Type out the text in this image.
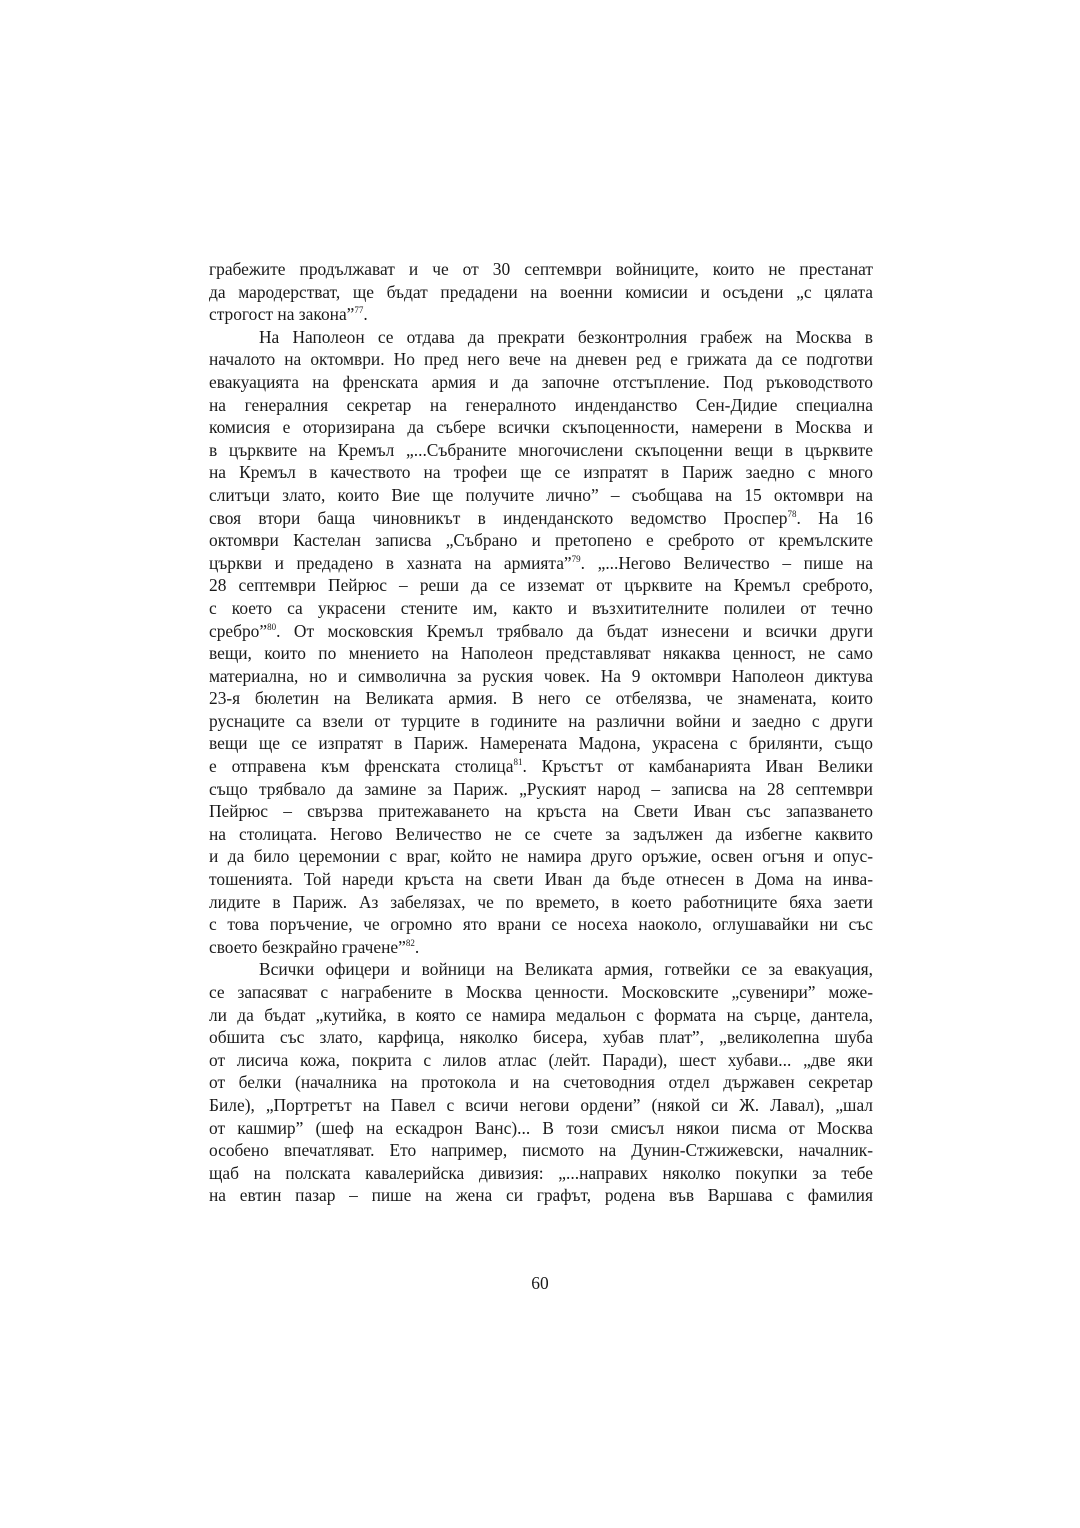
грабежите продължават и че от 30 септември войниците, които не престанат
да мародерстват, ще бъдат предадени на военни комисии и осъдени „с цялата
строгост на закона”$^{77}$.
На Наполеон се отдава да прекрати безконтролния грабеж на Москва в
началото на октомври. Но пред него вече на дневен ред е грижата да се подготви
евакуацията на френската армия и да започне отстъпление. Под ръководството
на генералния секретар на генералното инденданство Сен-Дидие специална
комисия е оторизирана да събере всички скъпоценности, намерени в Москва и
в църквите на Кремъл „...Събраните многочислени скъпоценни вещи в църквите
на Кремъл в качеството на трофеи ще се изпратят в Париж заедно с много
слитъци злато, които Вие ще получите лично” – съобщава на 15 октомври на
своя втори баща чиновникът в инденданското ведомство Проспер$^{78}$. На 16
октомври Кастелан записва „Събрано и претопено е среброто от кремълските
църкви и предадено в хазната на армията”$^{79}$. „...Негово Величество – пише на
28 септември Пейрюс – реши да се изземат от църквите на Кремъл среброто,
с което са украсени стените им, както и възхитителните полилеи от течно
сребро”$^{80}$. От московския Кремъл трябвало да бъдат изнесени и всички други
вещи, които по мнението на Наполеон представляват някаква ценност, не само
материална, но и символична за руския човек. На 9 октомври Наполеон диктува
23-я бюлетин на Великата армия. В него се отбелязва, че знамената, които
руснаците са взели от турците в годините на различни войни и заедно с други
вещи ще се изпратят в Париж. Намерената Мадона, украсена с брилянти, също
е отправена към френската столица$^{81}$. Кръстът от камбанарията Иван Велики
също трябвало да замине за Париж. „Руският народ – записва на 28 септември
Пейрюс – свързва притежаването на кръста на Свети Иван със запазването
на столицата. Негово Величество не се счете за задължен да избегне каквито
и да било церемонии с враг, който не намира друго оръжие, освен огъня и опус-
тошенията. Той нареди кръста на свети Иван да бъде отнесен в Дома на инва-
лидите в Париж. Аз забелязах, че по времето, в което работниците бяха заети
с това поръчение, че огромно ято врани се носеха наоколо, оглушавайки ни със
своето безкрайно грачене”$^{82}$.
Всички офицери и войници на Великата армия, готвейки се за евакуация,
се запасяват с награбените в Москва ценности. Московските „сувенири” може-
ли да бъдат „кутийка, в която се намира медальон с формата на сърце, дантела,
обшита със злато, карфица, няколко бисера, хубав плат”, „великолепна шуба
от лисича кожа, покрита с лилов атлас (лейт. Паради), шест хубави... „две яки
от белки (началника на протокола и на счетоводния отдел държавен секретар
Биле), „Портретът на Павел с всичи негови ордени” (някой си Ж. Лавал), „шал
от кашмир” (шеф на ескадрон Ванс)... В този смисъл някои писма от Москва
особено впечатляват. Ето например, писмото на Дунин-Стжижевски, началник-
щаб на полската кавалерийска дивизия: „...направих няколко покупки за тебе
на евтин пазар – пише на жена си графът, родена във Варшава с фамилия
60
